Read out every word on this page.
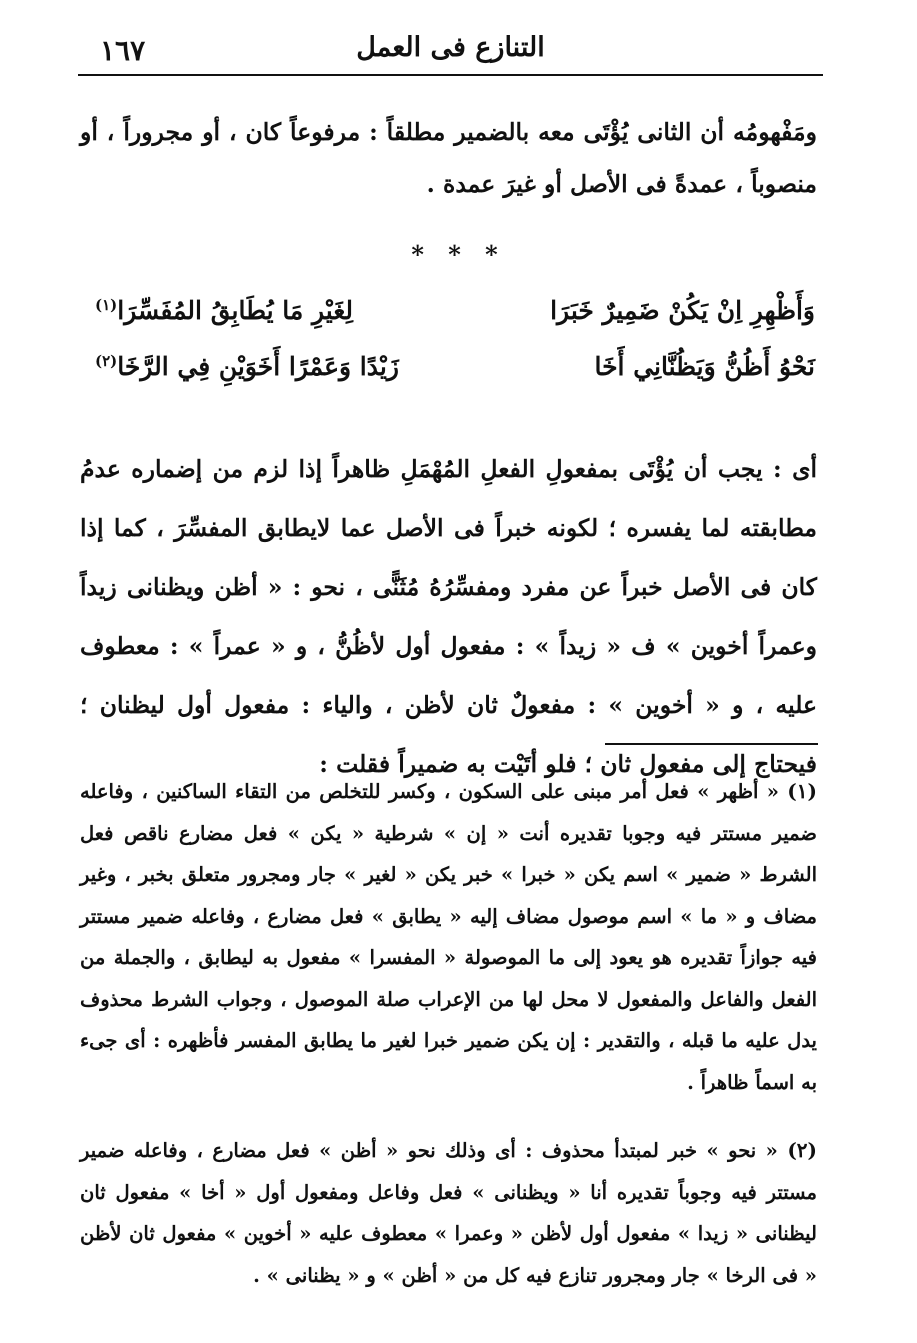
١٦٧	التنازع فى العمل

ومَفْهومُه أن الثانى يُؤْتَى معه بالضمير مطلقاً : مرفوعاً كان ، أو مجروراً ، أو منصوباً ، عمدةً فى الأصل أو غيرَ عمدة .

* * *
وَأَظْهِرِ اِنْ يَكُنْ ضَمِيرٌ خَبَرَا
لِغَيْرِ مَا يُطَابِقُ المُفَسِّرَا$^{(١)}$
نَحْوُ أَظُنُّ وَيَظُنَّانِي أَخَا
زَيْدًا وَعَمْرًا أَخَوَيْنِ فِي الرَّخَا$^{(٢)}$

أى : يجب أن يُؤْتَى بمفعولِ الفعلِ المُهْمَلِ ظاهراً إذا لزم من إضماره عدمُ مطابقته لما يفسره ؛ لكونه خبراً فى الأصل عما لايطابق المفسِّرَ ، كما إذا كان فى الأصل خبراً عن مفرد ومفسِّرُهُ مُثَنًّى ، نحو : « أظن ويظنانى زيداً وعمراً أخوين » ف « زيداً » : مفعول أول لأظُنُّ ، و « عمراً » : معطوف عليه ، و « أخوين » : مفعولٌ ثان لأظن ، والياء : مفعول أول ليظنان ؛ فيحتاج إلى مفعول ثان ؛ فلو أتَيْت به ضميراً فقلت :

(١) « أظهر » فعل أمر مبنى على السكون ، وكسر للتخلص من التقاء الساكنين ، وفاعله ضمير مستتر فيه وجوبا تقديره أنت « إن » شرطية « يكن » فعل مضارع ناقص فعل الشرط « ضمير » اسم يكن « خبرا » خبر يكن « لغير » جار ومجرور متعلق بخبر ، وغير مضاف و « ما » اسم موصول مضاف إليه « يطابق » فعل مضارع ، وفاعله ضمير مستتر فيه جوازاً تقديره هو يعود إلى ما الموصولة « المفسرا » مفعول به ليطابق ، والجملة من الفعل والفاعل والمفعول لا محل لها من الإعراب صلة الموصول ، وجواب الشرط محذوف يدل عليه ما قبله ، والتقدير : إن يكن ضمير خبرا لغير ما يطابق المفسر فأظهره : أى جىء به اسماً ظاهراً .

(٢) « نحو » خبر لمبتدأ محذوف : أى وذلك نحو « أظن » فعل مضارع ، وفاعله ضمير مستتر فيه وجوباً تقديره أنا « ويظنانى » فعل وفاعل ومفعول أول « أخا » مفعول ثان ليظنانى « زيدا » مفعول أول لأظن « وعمرا » معطوف عليه « أخوين » مفعول ثان لأظن « فى الرخا » جار ومجرور تنازع فيه كل من « أظن » و « يظنانى » .
